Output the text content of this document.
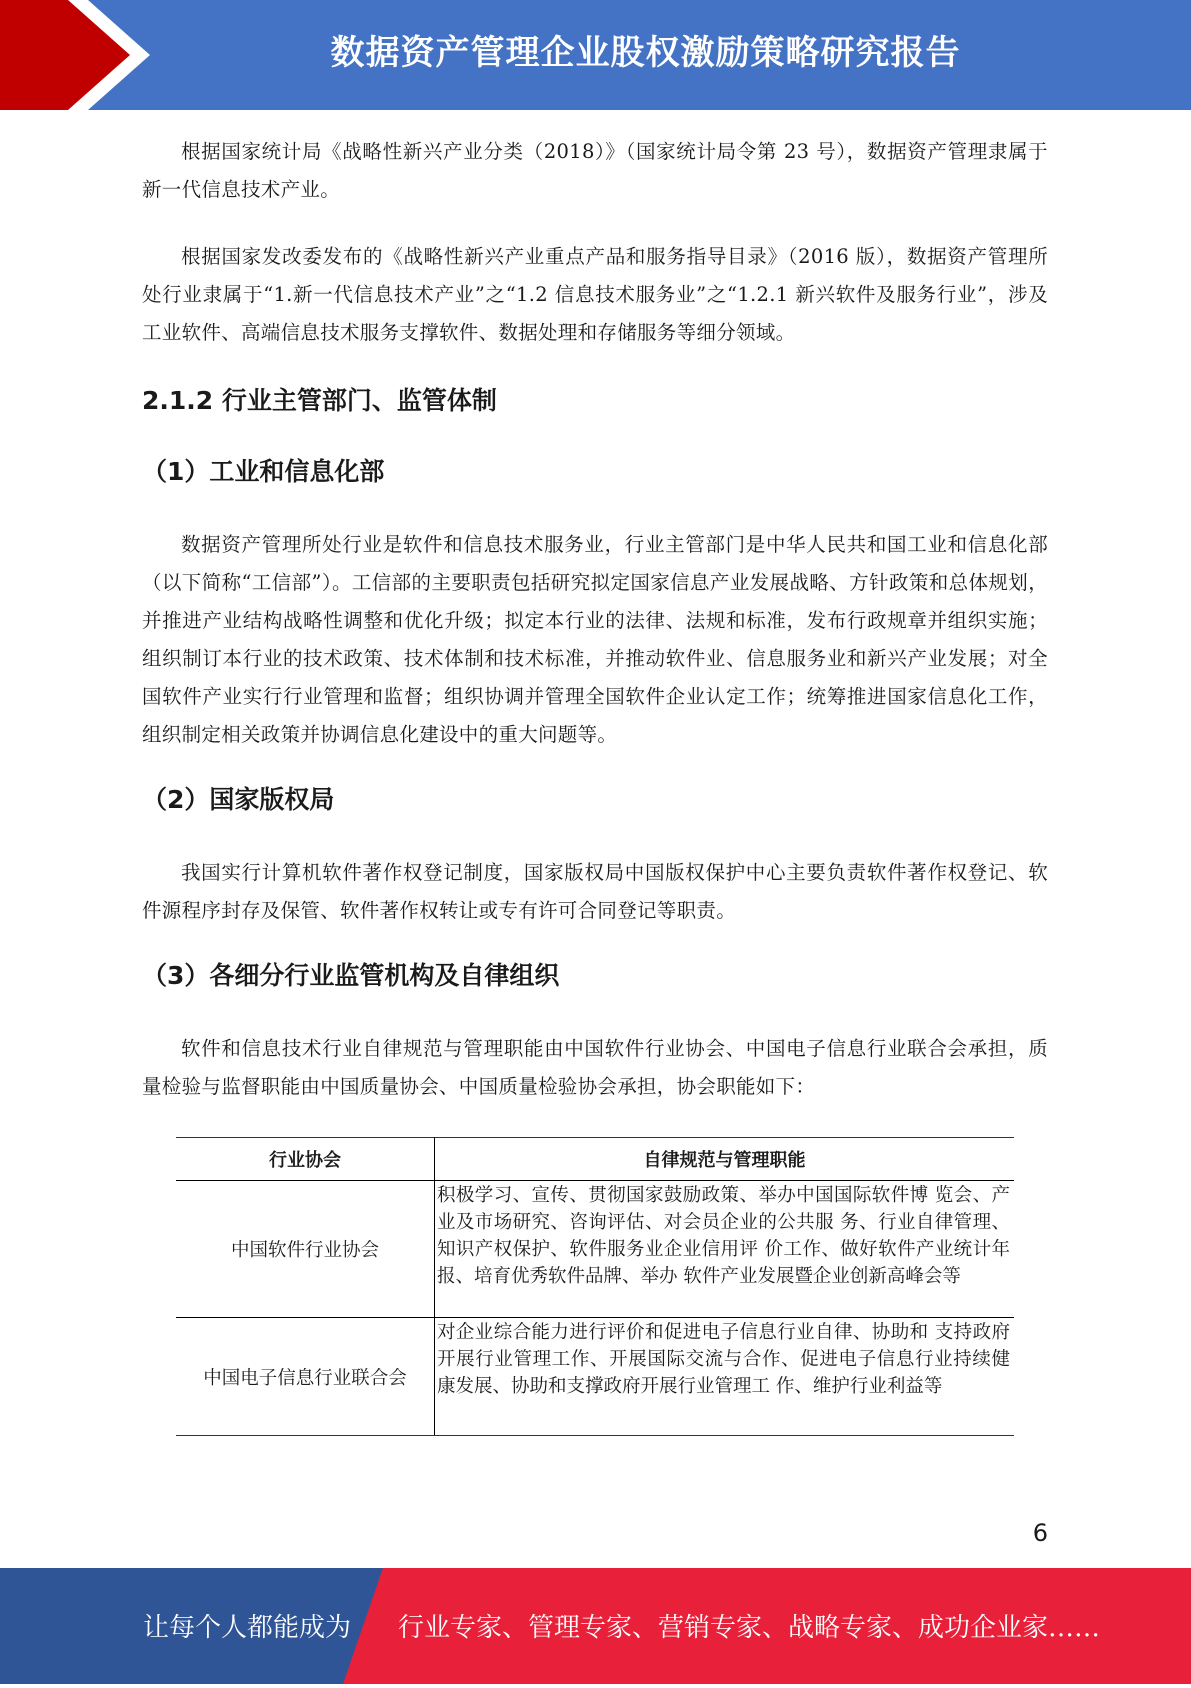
数据资产管理企业股权激励策略研究报告

根据国家统计局《战略性新兴产业分类（2018）》（国家统计局令第 23 号），数据资产管理隶属于新一代信息技术产业。

根据国家发改委发布的《战略性新兴产业重点产品和服务指导目录》（2016 版），数据资产管理所处行业隶属于“1.新一代信息技术产业”之“1.2 信息技术服务业”之“1.2.1 新兴软件及服务行业”，涉及工业软件、高端信息技术服务支撑软件、数据处理和存储服务等细分领域。

2.1.2 行业主管部门、监管体制
（1）工业和信息化部

数据资产管理所处行业是软件和信息技术服务业，行业主管部门是中华人民共和国工业和信息化部（以下简称“工信部”）。工信部的主要职责包括研究拟定国家信息产业发展战略、方针政策和总体规划，并推进产业结构战略性调整和优化升级；拟定本行业的法律、法规和标准，发布行政规章并组织实施；组织制订本行业的技术政策、技术体制和技术标准，并推动软件业、信息服务业和新兴产业发展；对全国软件产业实行行业管理和监督；组织协调并管理全国软件企业认定工作；统筹推进国家信息化工作，组织制定相关政策并协调信息化建设中的重大问题等。

（2）国家版权局

我国实行计算机软件著作权登记制度，国家版权局中国版权保护中心主要负责软件著作权登记、软件源程序封存及保管、软件著作权转让或专有许可合同登记等职责。

（3）各细分行业监管机构及自律组织

软件和信息技术行业自律规范与管理职能由中国软件行业协会、中国电子信息行业联合会承担，质量检验与监督职能由中国质量协会、中国质量检验协会承担，协会职能如下：

行业协会	自律规范与管理职能
中国软件行业协会	积极学习、宣传、贯彻国家鼓励政策、举办中国国际软件博 览会、产业及市场研究、咨询评估、对会员企业的公共服 务、行业自律管理、知识产权保护、软件服务业企业信用评 价工作、做好软件产业统计年报、培育优秀软件品牌、举办 软件产业发展暨企业创新高峰会等
中国电子信息行业联合会	对企业综合能力进行评价和促进电子信息行业自律、协助和 支持政府开展行业管理工作、开展国际交流与合作、促进电子信息行业持续健康发展、协助和支撑政府开展行业管理工 作、维护行业利益等
6
让每个人都能成为 行业专家、管理专家、营销专家、战略专家、成功企业家……
